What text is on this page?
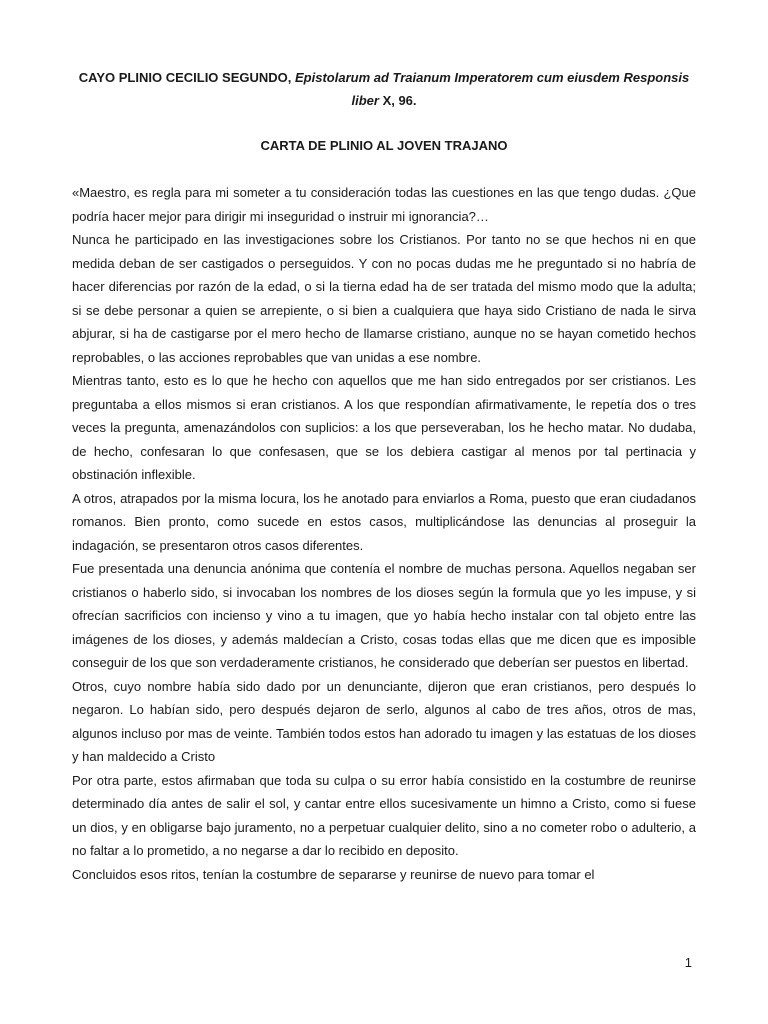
CAYO PLINIO CECILIO SEGUNDO, Epistolarum ad Traianum Imperatorem cum eiusdem Responsis liber X, 96.
CARTA DE PLINIO AL JOVEN TRAJANO

«Maestro, es regla para mi someter a tu consideración todas las cuestiones en las que tengo dudas. ¿Que podría hacer mejor para dirigir mi inseguridad o instruir mi ignorancia?…

Nunca he participado en las investigaciones sobre los Cristianos. Por tanto no se que hechos ni en que medida deban de ser castigados o perseguidos. Y con no pocas dudas me he preguntado si no habría de hacer diferencias por razón de la edad, o si la tierna edad ha de ser tratada del mismo modo que la adulta; si se debe personar a quien se arrepiente, o si bien a cualquiera que haya sido Cristiano de nada le sirva abjurar, si ha de castigarse por el mero hecho de llamarse cristiano, aunque no se hayan cometido hechos reprobables, o las acciones reprobables que van unidas a ese nombre.

Mientras tanto, esto es lo que he hecho con aquellos que me han sido entregados por ser cristianos. Les preguntaba a ellos mismos si eran cristianos. A los que respondían afirmativamente, le repetía dos o tres veces la pregunta, amenazándolos con suplicios: a los que perseveraban, los he hecho matar. No dudaba, de hecho, confesaran lo que confesasen, que se los debiera castigar al menos por tal pertinacia y obstinación inflexible.

A otros, atrapados por la misma locura, los he anotado para enviarlos a Roma, puesto que eran ciudadanos romanos. Bien pronto, como sucede en estos casos, multiplicándose las denuncias al proseguir la indagación, se presentaron otros casos diferentes.

Fue presentada una denuncia anónima que contenía el nombre de muchas persona. Aquellos negaban ser cristianos o haberlo sido, si invocaban los nombres de los dioses según la formula que yo les impuse, y si ofrecían sacrificios con incienso y vino a tu imagen, que yo había hecho instalar con tal objeto entre las imágenes de los dioses, y además maldecían a Cristo, cosas todas ellas que me dicen que es imposible conseguir de los que son verdaderamente cristianos, he considerado que deberían ser puestos en libertad.

Otros, cuyo nombre había sido dado por un denunciante, dijeron que eran cristianos, pero después lo negaron. Lo habían sido, pero después dejaron de serlo, algunos al cabo de tres años, otros de mas, algunos incluso por mas de veinte. También todos estos han adorado tu imagen y las estatuas de los dioses y han maldecido a Cristo

Por otra parte, estos afirmaban que toda su culpa o su error había consistido en la costumbre de reunirse determinado día antes de salir el sol, y cantar entre ellos sucesivamente un himno a Cristo, como si fuese un dios, y en obligarse bajo juramento, no a perpetuar cualquier delito, sino a no cometer robo o adulterio, a no faltar a lo prometido, a no negarse a dar lo recibido en deposito.

Concluidos esos ritos, tenían la costumbre de separarse y reunirse de nuevo para tomar el

1
